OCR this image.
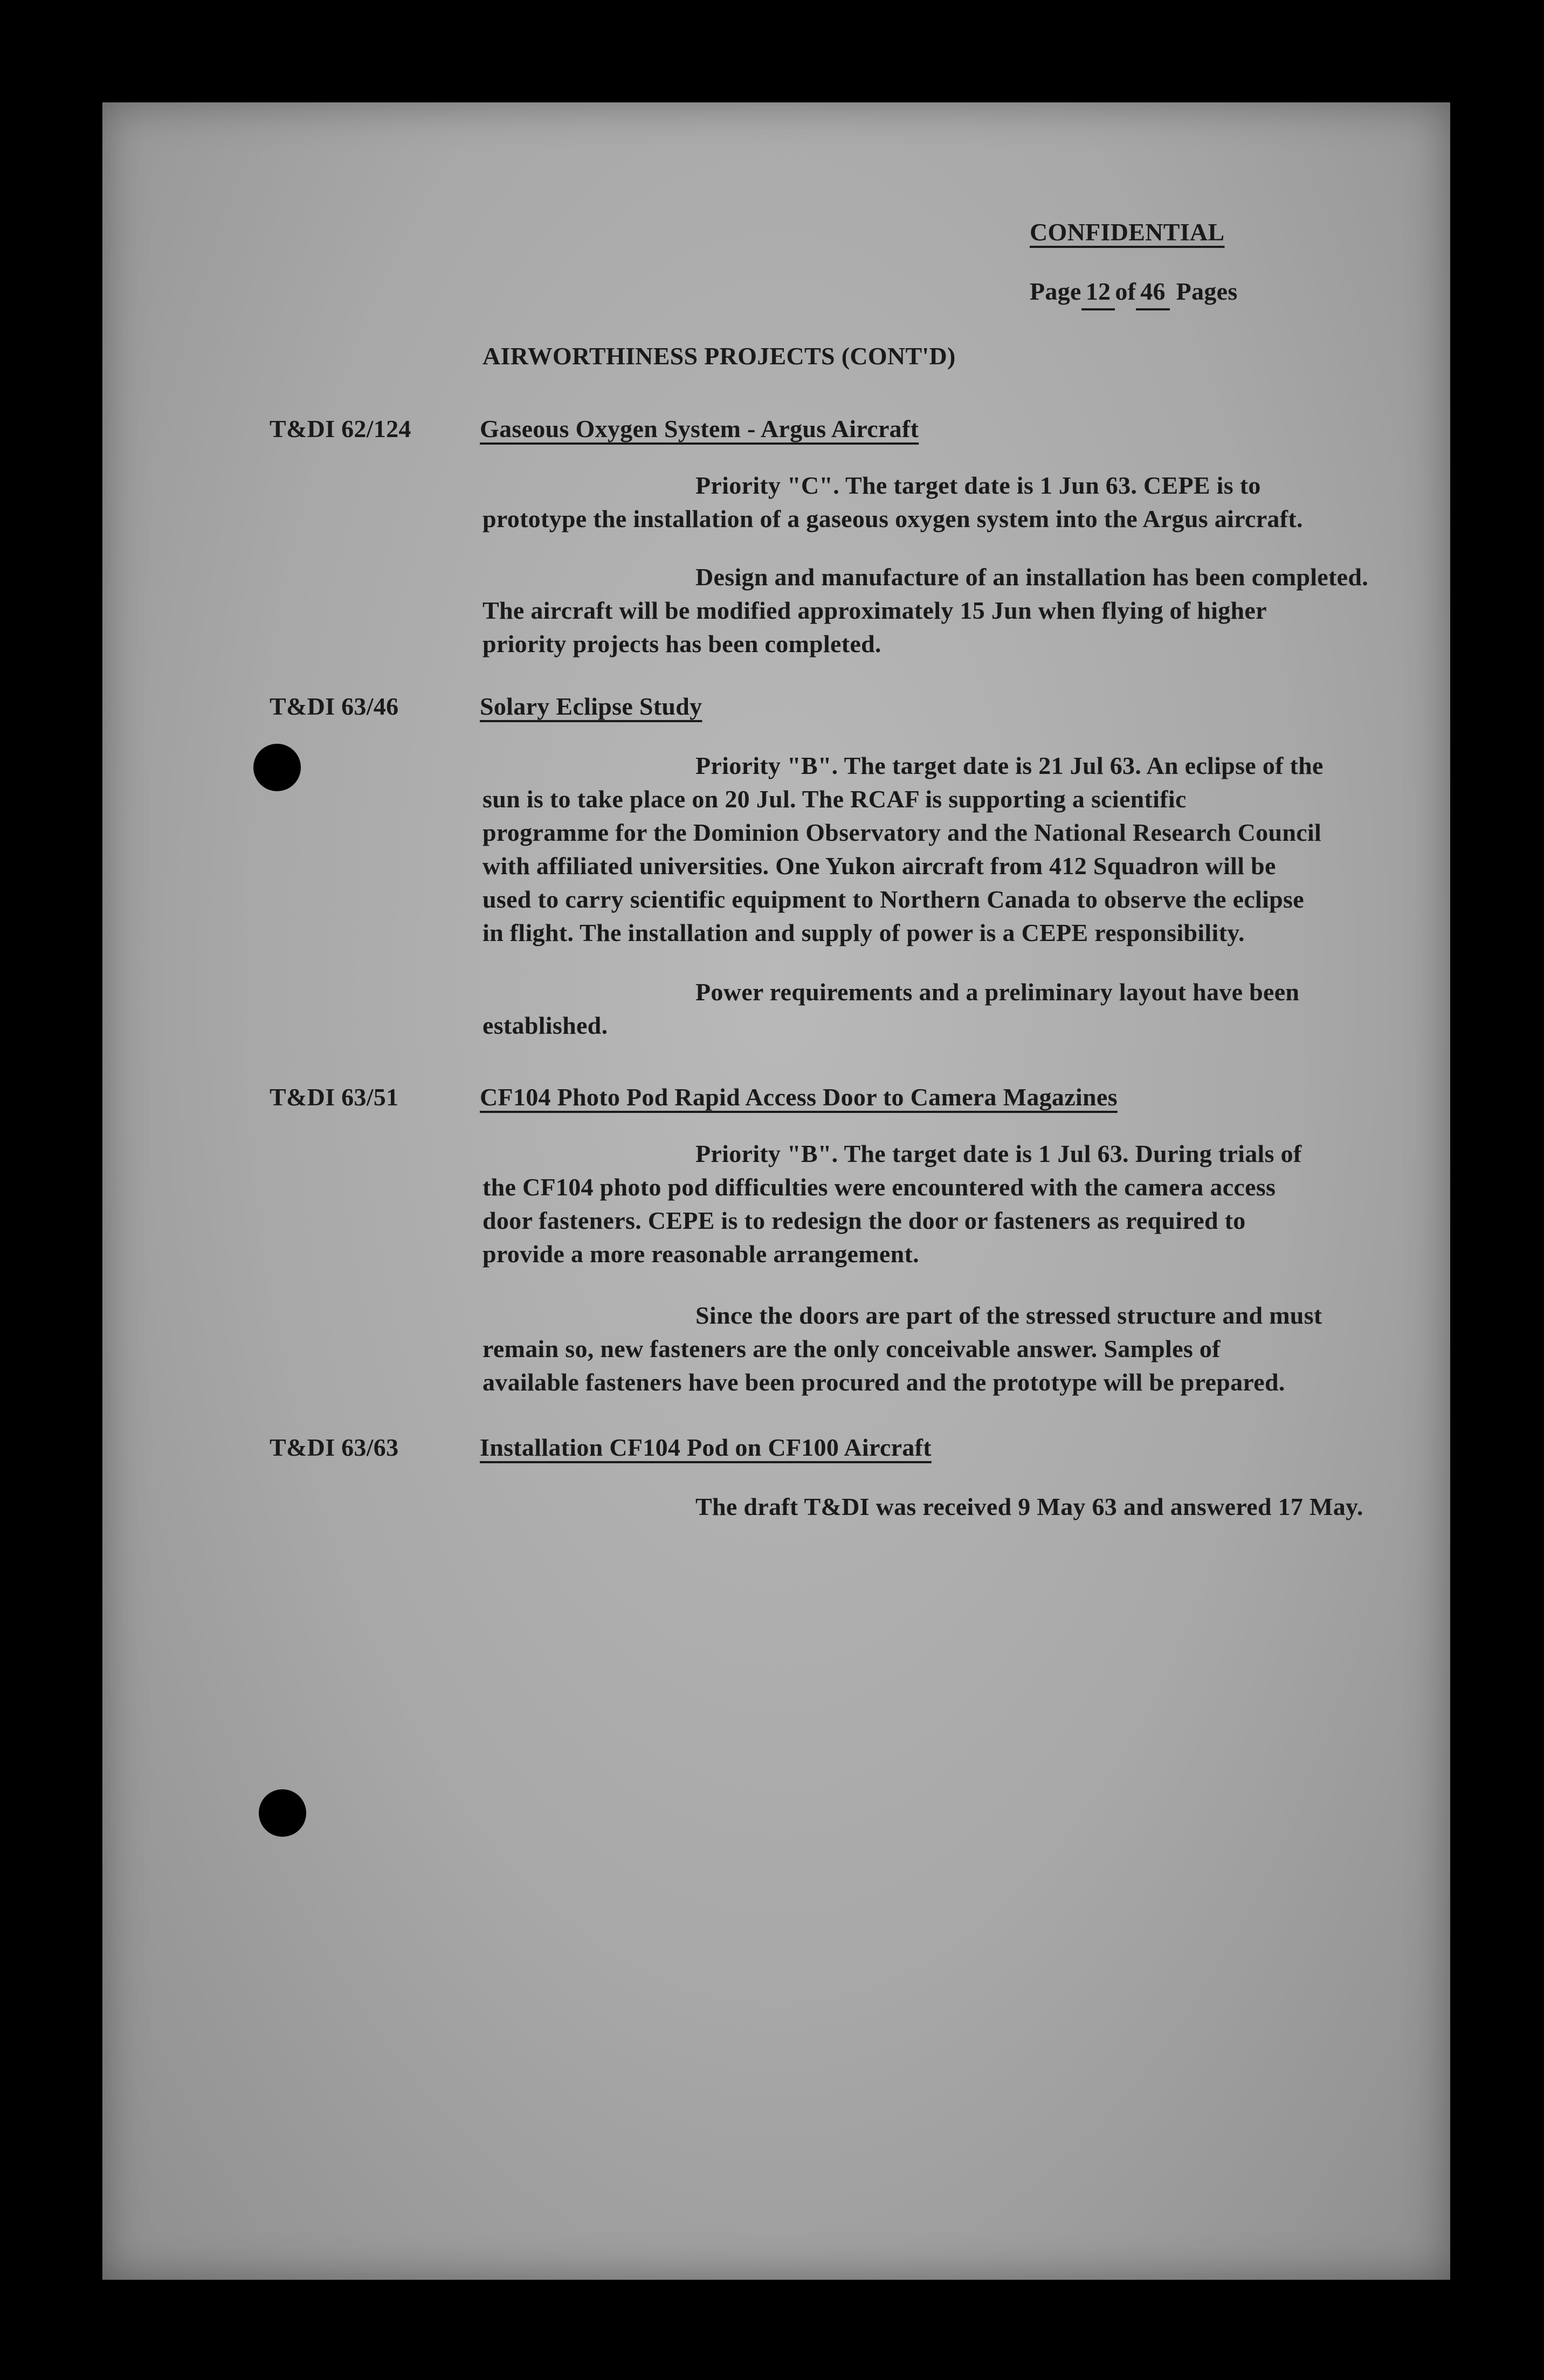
CONFIDENTIAL
Page 12 of 46 Pages
AIRWORTHINESS PROJECTS (CONT'D)
T&DI 62/124	Gaseous Oxygen System - Argus Aircraft
Priority "C". The target date is 1 Jun 63. CEPE is to
prototype the installation of a gaseous oxygen system into the Argus aircraft.
Design and manufacture of an installation has been completed.
The aircraft will be modified approximately 15 Jun when flying of higher
priority projects has been completed.
T&DI 63/46	Solary Eclipse Study
Priority "B". The target date is 21 Jul 63. An eclipse of the
sun is to take place on 20 Jul. The RCAF is supporting a scientific
programme for the Dominion Observatory and the National Research Council
with affiliated universities. One Yukon aircraft from 412 Squadron will be
used to carry scientific equipment to Northern Canada to observe the eclipse
in flight. The installation and supply of power is a CEPE responsibility.
Power requirements and a preliminary layout have been
established.
T&DI 63/51	CF104 Photo Pod Rapid Access Door to Camera Magazines
Priority "B". The target date is 1 Jul 63. During trials of
the CF104 photo pod difficulties were encountered with the camera access
door fasteners. CEPE is to redesign the door or fasteners as required to
provide a more reasonable arrangement.
Since the doors are part of the stressed structure and must
remain so, new fasteners are the only conceivable answer. Samples of
available fasteners have been procured and the prototype will be prepared.
T&DI 63/63	Installation CF104 Pod on CF100 Aircraft
The draft T&DI was received 9 May 63 and answered 17 May.
